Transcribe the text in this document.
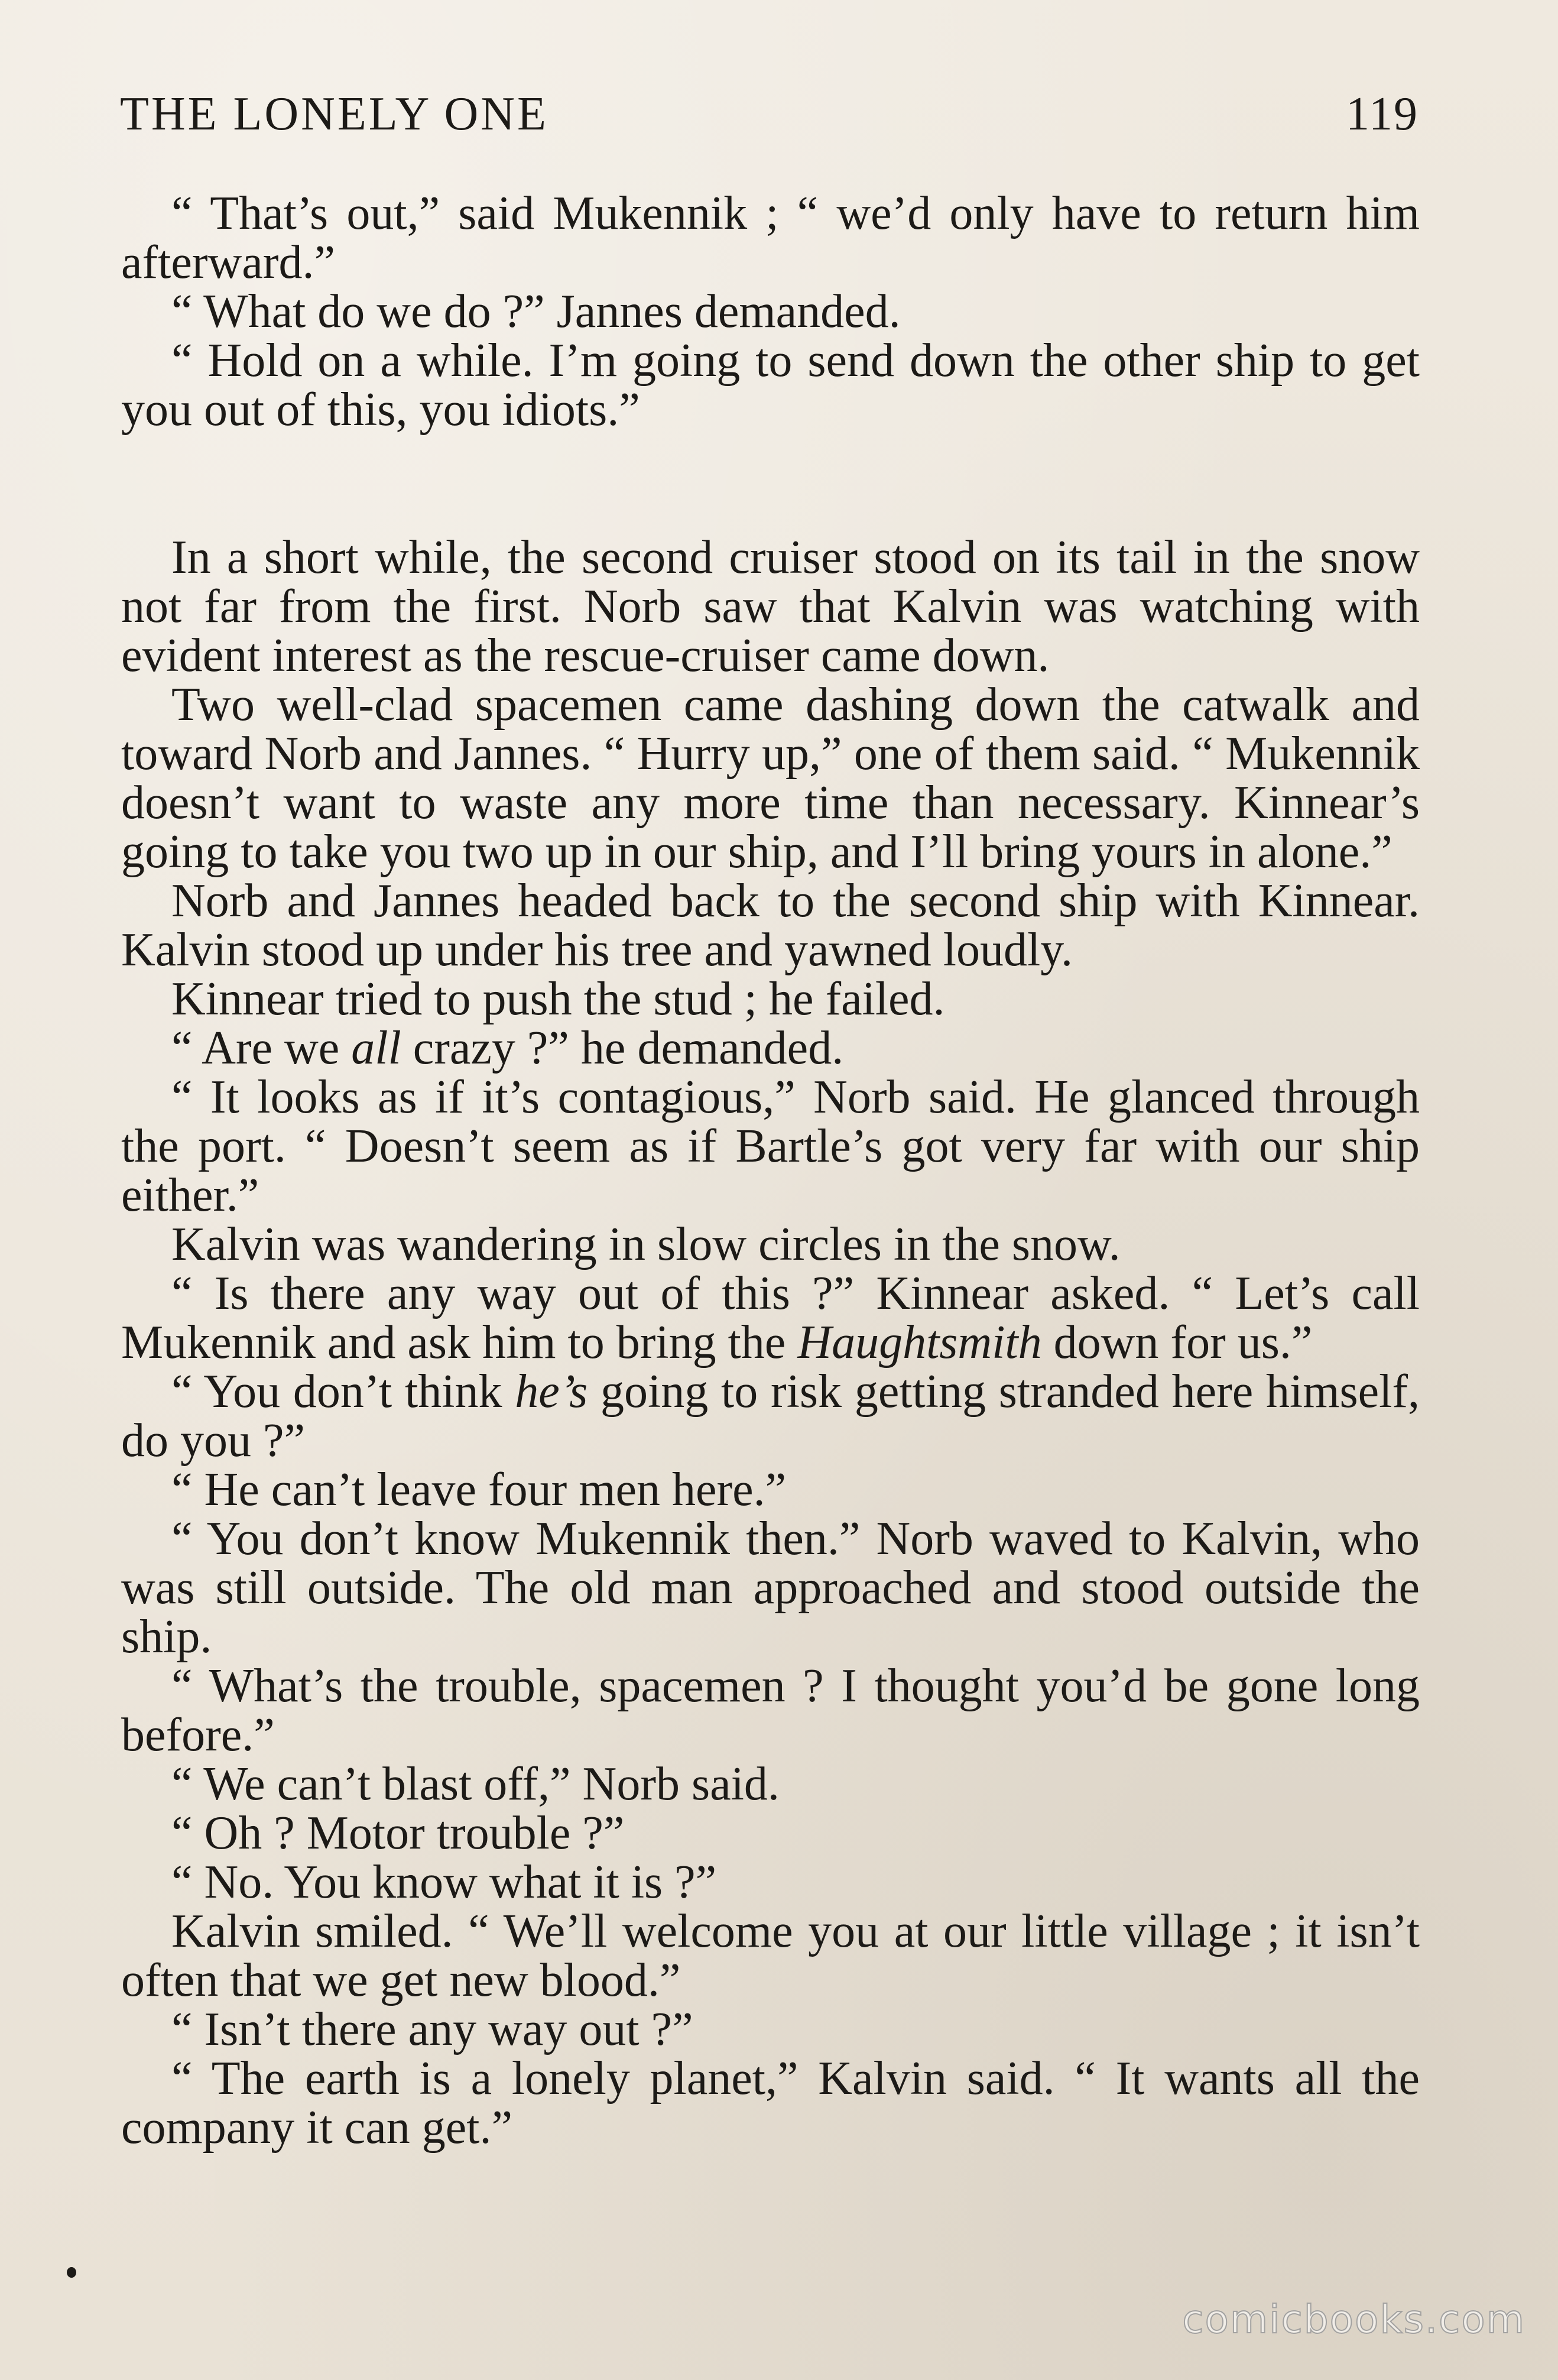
THE LONELY ONE	119

“ That’s out,” said Mukennik ; “ we’d only have to return him afterward.”

“ What do we do ?” Jannes demanded.

“ Hold on a while. I’m going to send down the other ship to get you out of this, you idiots.”

In a short while, the second cruiser stood on its tail in the snow not far from the first. Norb saw that Kalvin was watching with evident interest as the rescue-cruiser came down.

Two well-clad spacemen came dashing down the catwalk and toward Norb and Jannes. “ Hurry up,” one of them said. “ Mukennik doesn’t want to waste any more time than necessary. Kinnear’s going to take you two up in our ship, and I’ll bring yours in alone.”

Norb and Jannes headed back to the second ship with Kinnear. Kalvin stood up under his tree and yawned loudly.

Kinnear tried to push the stud ; he failed.

“ Are we all crazy ?” he demanded.

“ It looks as if it’s contagious,” Norb said. He glanced through the port. “ Doesn’t seem as if Bartle’s got very far with our ship either.”

Kalvin was wandering in slow circles in the snow.

“ Is there any way out of this ?” Kinnear asked. “ Let’s call Mukennik and ask him to bring the Haughtsmith down for us.”

“ You don’t think he’s going to risk getting stranded here himself, do you ?”

“ He can’t leave four men here.”

“ You don’t know Mukennik then.” Norb waved to Kalvin, who was still outside. The old man approached and stood outside the ship.

“ What’s the trouble, spacemen ? I thought you’d be gone long before.”

“ We can’t blast off,” Norb said.

“ Oh ? Motor trouble ?”

“ No. You know what it is ?”

Kalvin smiled. “ We’ll welcome you at our little village ; it isn’t often that we get new blood.”

“ Isn’t there any way out ?”

“ The earth is a lonely planet,” Kalvin said. “ It wants all the company it can get.”

comicbooks.com
